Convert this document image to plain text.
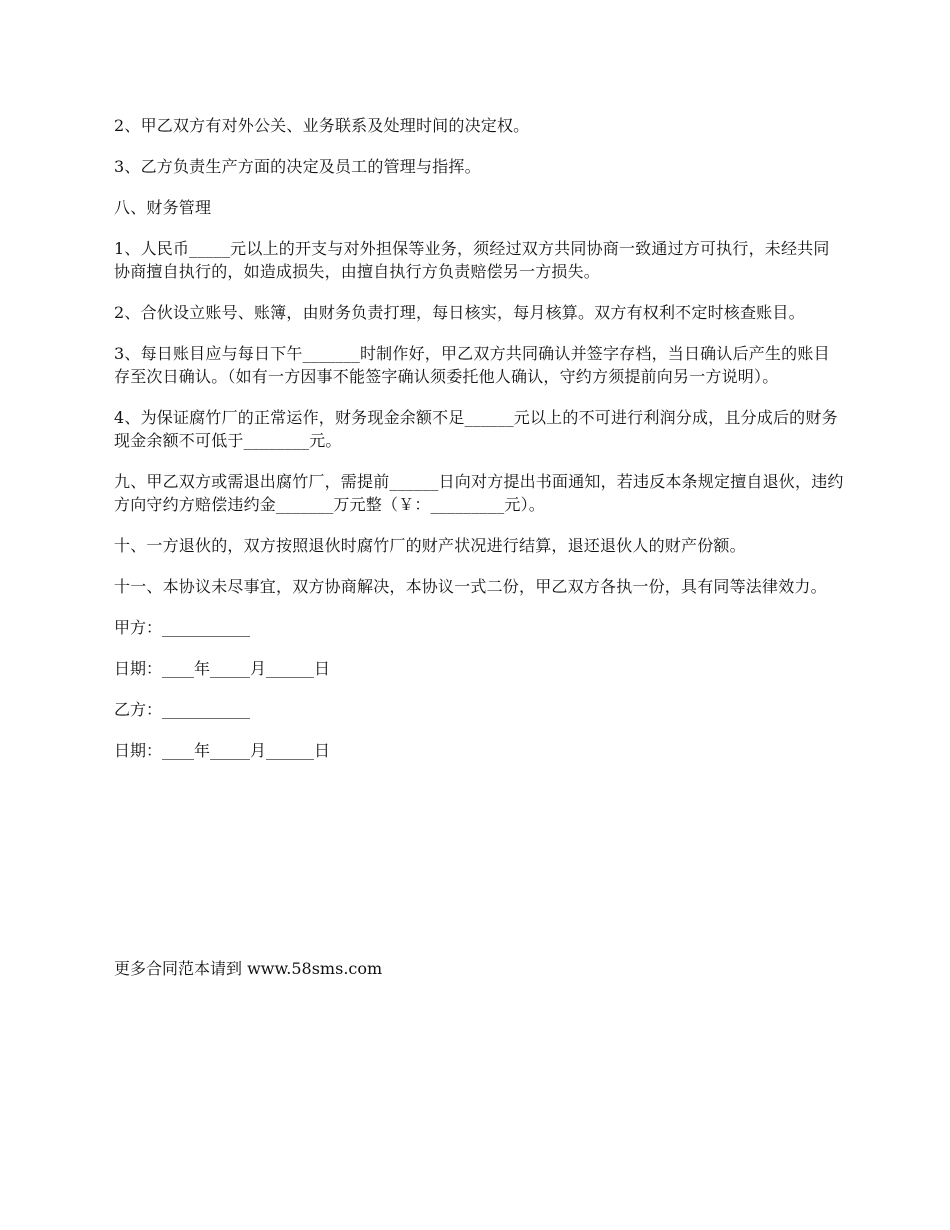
2、甲乙双方有对外公关、业务联系及处理时间的决定权。

3、乙方负责生产方面的决定及员工的管理与指挥。

八、财务管理

1、人民币_____元以上的开支与对外担保等业务，须经过双方共同协商一致通过方可执行，未经共同协商擅自执行的，如造成损失，由擅自执行方负责赔偿另一方损失。

2、合伙设立账号、账簿，由财务负责打理，每日核实，每月核算。双方有权利不定时核查账目。

3、每日账目应与每日下午_______时制作好，甲乙双方共同确认并签字存档，当日确认后产生的账目存至次日确认。（如有一方因事不能签字确认须委托他人确认，守约方须提前向另一方说明）。

4、为保证腐竹厂的正常运作，财务现金余额不足______元以上的不可进行利润分成，且分成后的财务现金余额不可低于________元。

九、甲乙双方或需退出腐竹厂，需提前______日向对方提出书面通知，若违反本条规定擅自退伙，违约方向守约方赔偿违约金_______万元整（￥：_________元）。

十、一方退伙的，双方按照退伙时腐竹厂的财产状况进行结算，退还退伙人的财产份额。

十一、本协议未尽事宜，双方协商解决，本协议一式二份，甲乙双方各执一份，具有同等法律效力。

甲方：___________
日期：____年_____月______日
乙方：___________
日期：____年_____月______日
更多合同范本请到 www.58sms.com
